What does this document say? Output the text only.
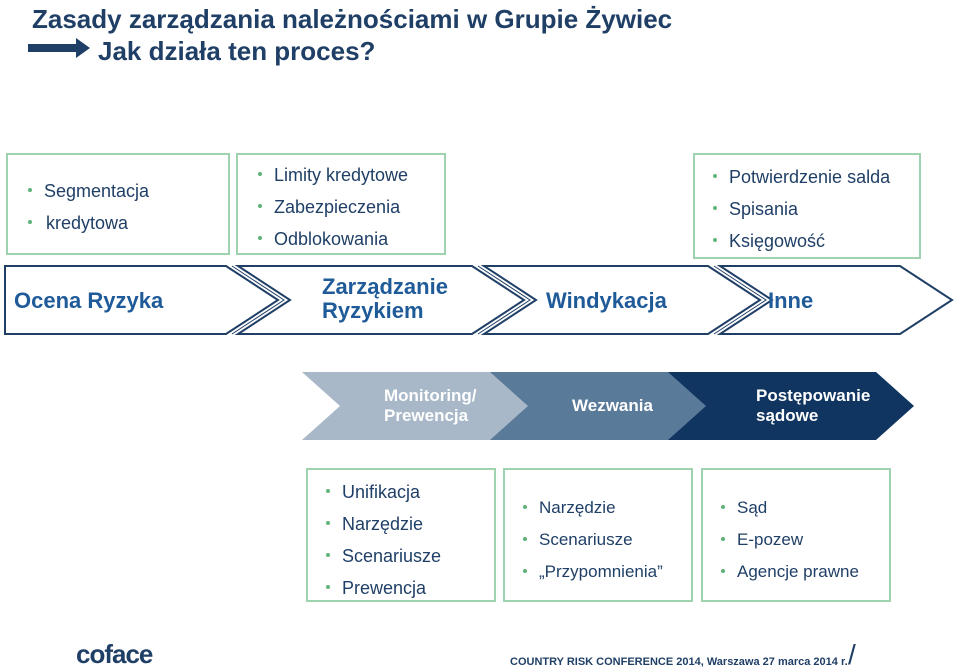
Zasady zarządzania należnościami w Grupie Żywiec
Jak działa ten proces?
Segmentacja
kredytowa
Limity kredytowe
Zabezpieczenia
Odblokowania
Potwierdzenie salda
Spisania
Księgowość
Ocena Ryzyka
Zarządzanie
Ryzykiem	Windykacja	Inne
Monitoring/
Prewencja
Wezwania
Postępowanie
sądowe
Unifikacja
Narzędzie
Scenariusze
Prewencja
Narzędzie
Scenariusze
„Przypomnienia”
Sąd
E-pozew
Agencje prawne
coface	COUNTRY RISK CONFERENCE 2014, Warszawa 27 marca 2014 r. /
